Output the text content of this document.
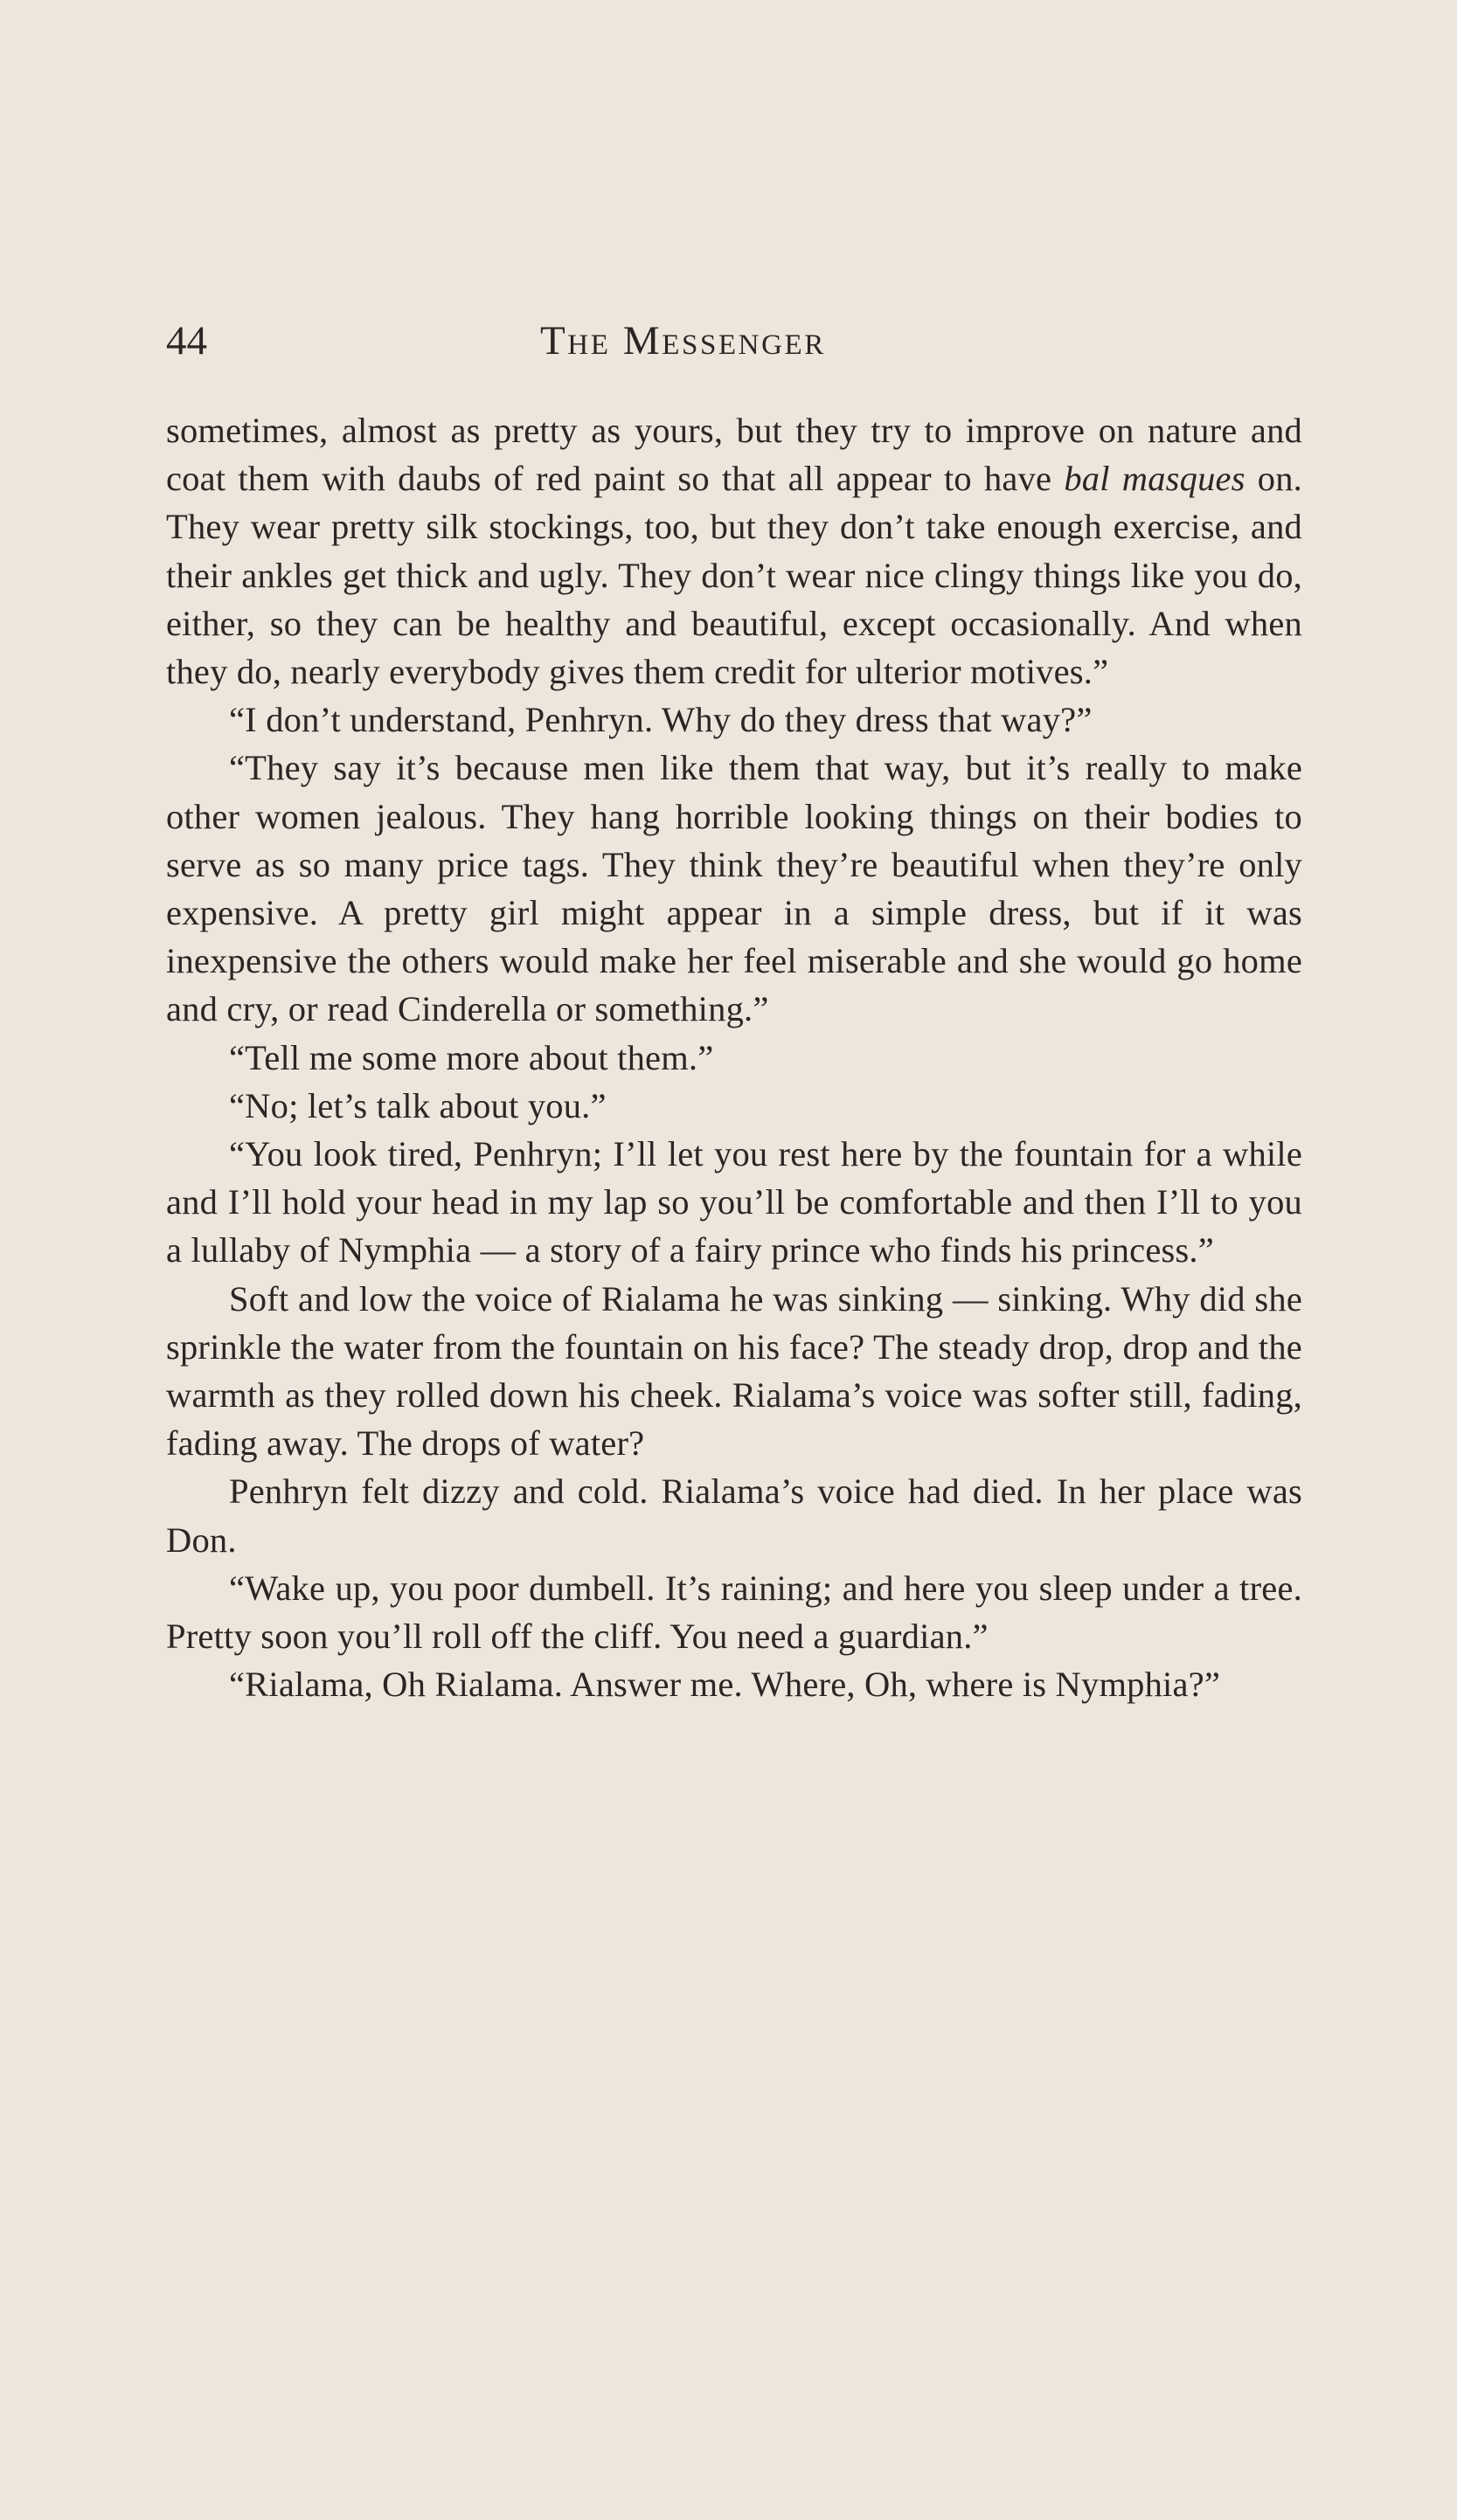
44	The Messenger

sometimes, almost as pretty as yours, but they try to improve on nature and coat them with daubs of red paint so that all appear to have bal masques on. They wear pretty silk stockings, too, but they don’t take enough exercise, and their ankles get thick and ugly. They don’t wear nice clingy things like you do, either, so they can be healthy and beautiful, except occasionally. And when they do, nearly everybody gives them credit for ulterior motives.”

“I don’t understand, Penhryn. Why do they dress that way?”

“They say it’s because men like them that way, but it’s really to make other women jealous. They hang horrible looking things on their bodies to serve as so many price tags. They think they’re beautiful when they’re only expensive. A pretty girl might appear in a simple dress, but if it was inexpensive the others would make her feel miserable and she would go home and cry, or read Cinderella or something.”

“Tell me some more about them.”

“No; let’s talk about you.”

“You look tired, Penhryn; I’ll let you rest here by the fountain for a while and I’ll hold your head in my lap so you’ll be comfortable and then I’ll to you a lullaby of Nymphia — a story of a fairy prince who finds his princess.”

Soft and low the voice of Rialama he was sinking — sinking. Why did she sprinkle the water from the fountain on his face? The steady drop, drop and the warmth as they rolled down his cheek. Rialama’s voice was softer still, fading, fading away. The drops of water?

Penhryn felt dizzy and cold. Rialama’s voice had died. In her place was Don.

“Wake up, you poor dumbell. It’s raining; and here you sleep under a tree. Pretty soon you’ll roll off the cliff. You need a guardian.”

“Rialama, Oh Rialama. Answer me. Where, Oh, where is Nymphia?”
